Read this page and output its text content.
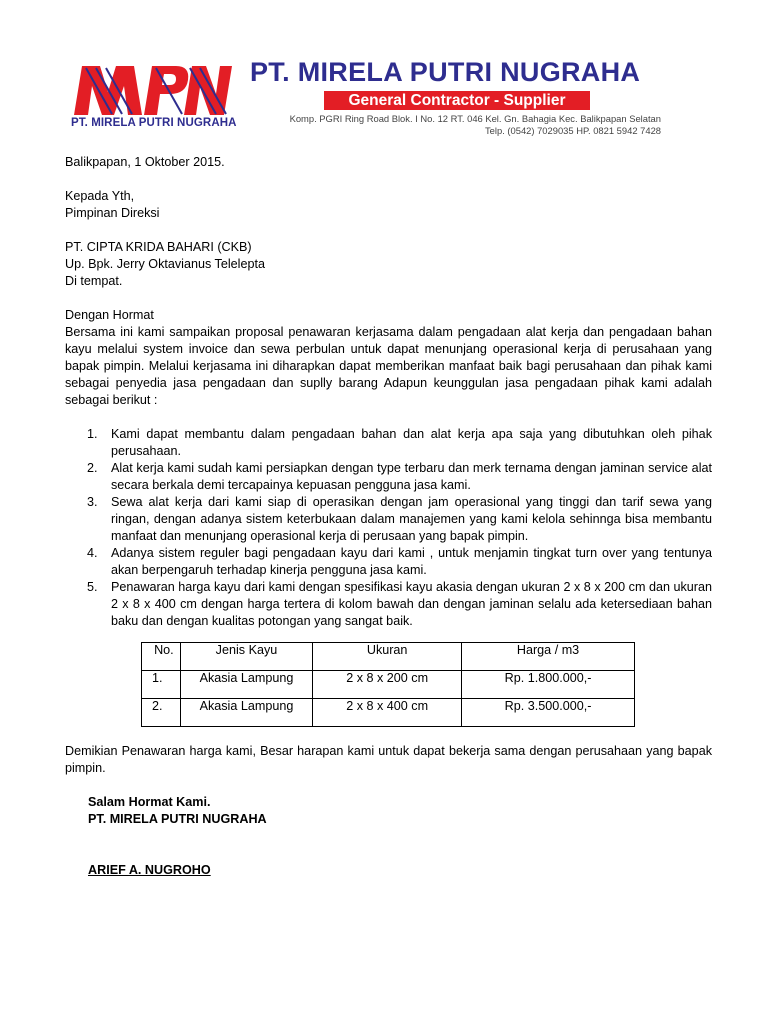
PT. MIRELA PUTRI NUGRAHA
PT. MIRELA PUTRI NUGRAHA
General Contractor - Supplier
Komp. PGRI Ring Road Blok. I No. 12 RT. 046 Kel. Gn. Bahagia Kec. Balikpapan Selatan
Telp. (0542) 7029035 HP. 0821 5942 7428

Balikpapan, 1 Oktober 2015.

Kepada Yth,

Pimpinan Direksi

PT. CIPTA KRIDA BAHARI (CKB)

Up. Bpk. Jerry Oktavianus Telelepta

Di tempat.

Dengan Hormat

Bersama ini kami sampaikan proposal penawaran kerjasama dalam pengadaan alat kerja dan pengadaan bahan kayu melalui system invoice dan sewa perbulan untuk dapat menunjang operasional kerja di perusahaan yang bapak pimpin. Melalui kerjasama ini diharapkan dapat memberikan manfaat baik bagi perusahaan dan pihak kami sebagai penyedia jasa pengadaan dan suplly barang Adapun keunggulan jasa pengadaan pihak kami adalah sebagai berikut :

1. Kami dapat membantu dalam pengadaan bahan dan alat kerja apa saja yang dibutuhkan oleh pihak perusahaan.
2. Alat kerja kami sudah kami persiapkan dengan type terbaru dan merk ternama dengan jaminan service alat secara berkala demi tercapainya kepuasan pengguna jasa kami.
3. Sewa alat kerja dari kami siap di operasikan dengan jam operasional yang tinggi dan tarif sewa yang ringan, dengan adanya sistem keterbukaan dalam manajemen yang kami kelola sehinnga bisa membantu manfaat dan menunjang operasional kerja di perusaan yang bapak pimpin.
4. Adanya sistem reguler bagi pengadaan kayu dari kami , untuk menjamin tingkat turn over yang tentunya akan berpengaruh terhadap kinerja pengguna jasa kami.
5. Penawaran harga kayu dari kami dengan spesifikasi kayu akasia dengan ukuran 2 x 8 x 200 cm dan ukuran 2 x 8 x 400 cm dengan harga tertera di kolom bawah dan dengan jaminan selalu ada ketersediaan bahan baku dan dengan kualitas potongan yang sangat baik.
No.	Jenis Kayu	Ukuran	Harga / m3
1.	Akasia Lampung	2 x 8 x 200 cm	Rp. 1.800.000,-
2.	Akasia Lampung	2 x 8 x 400 cm	Rp. 3.500.000,-
Demikian Penawaran harga kami, Besar harapan kami untuk dapat bekerja sama dengan perusahaan yang bapak pimpin.
Salam Hormat Kami.
PT. MIRELA PUTRI NUGRAHA
ARIEF A. NUGROHO
